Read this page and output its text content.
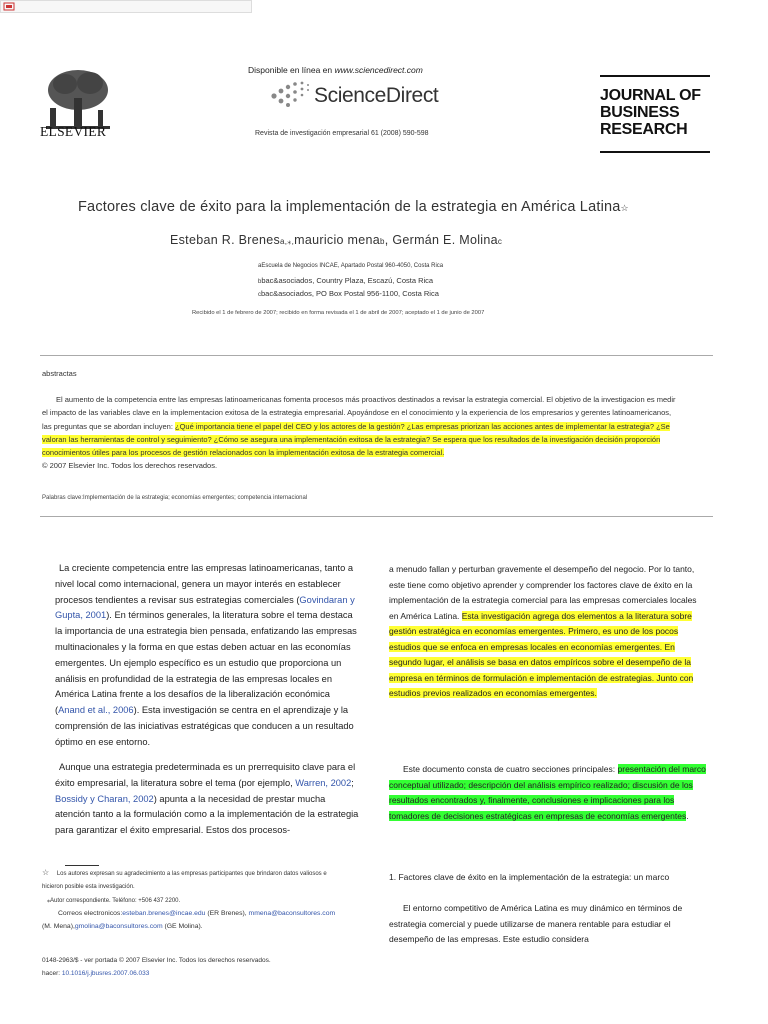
ELSEVIER
Disponible en línea en www.sciencedirect.com
ScienceDirect
Revista de investigación empresarial 61 (2008) 590-598
JOURNAL OF
BUSINESS
RESEARCH
Factores clave de éxito para la implementación de la estrategia en América Latina☆
Esteban R. Brenesa,⁎,mauricio menab, Germán E. Molinac
aEscuela de Negocios INCAE, Apartado Postal 960-4050, Costa Rica
bbac&asociados, Country Plaza, Escazú, Costa Rica
cbac&asociados, PO Box Postal 956-1100, Costa Rica
Recibido el 1 de febrero de 2007; recibido en forma revisada el 1 de abril de 2007; aceptado el 1 de junio de 2007
abstractas
El aumento de la competencia entre las empresas latinoamericanas fomenta procesos más proactivos destinados a revisar la estrategia comercial. El objetivo de la investigacion es medir el impacto de las variables clave en la implementacion exitosa de la estrategia empresarial. Apoyándose en el conocimiento y la experiencia de los empresarios y gerentes latinoamericanos, las preguntas que se abordan incluyen: ¿Qué importancia tiene el papel del CEO y los actores de la gestión? ¿Las empresas priorizan las acciones antes de implementar la estrategia? ¿Se valoran las herramientas de control y seguimiento? ¿Cómo se asegura una implementación exitosa de la estrategia? Se espera que los resultados de la investigación decisión proporción conocimientos útiles para los procesos de gestión relacionados con la implementación exitosa de la estrategia comercial.
© 2007 Elsevier Inc. Todos los derechos reservados.
Palabras clave:Implementación de la estrategia; economías emergentes; competencia internacional
La creciente competencia entre las empresas latinoamericanas, tanto a nivel local como internacional, genera un mayor interés en establecer procesos tendientes a revisar sus estrategias comerciales (Govindaran y Gupta, 2001). En términos generales, la literatura sobre el tema destaca la importancia de una estrategia bien pensada, enfatizando las empresas multinacionales y la forma en que estas deben actuar en las economías emergentes. Un ejemplo específico es un estudio que proporciona un análisis en profundidad de la estrategia de las empresas locales en América Latina frente a los desafíos de la liberalización económica (Anand et al., 2006). Esta investigación se centra en el aprendizaje y la comprensión de las iniciativas estratégicas que conducen a un resultado óptimo en ese entorno.
Aunque una estrategia predeterminada es un prerrequisito clave para el éxito empresarial, la literatura sobre el tema (por ejemplo, Warren, 2002; Bossidy y Charan, 2002) apunta a la necesidad de prestar mucha atención tanto a la formulación como a la implementación de la estrategia para garantizar el éxito empresarial. Estos dos procesos-
a menudo fallan y perturban gravemente el desempeño del negocio. Por lo tanto, este tiene como objetivo aprender y comprender los factores clave de éxito en la implementación de la estrategia comercial para las empresas comerciales locales en América Latina. Esta investigación agrega dos elementos a la literatura sobre gestión estratégica en economías emergentes. Primero, es uno de los pocos estudios que se enfoca en empresas locales en economías emergentes. En segundo lugar, el análisis se basa en datos empíricos sobre el desempeño de la empresa en términos de formulación e implementación de estrategias. Junto con estudios previos realizados en economías emergentes.
Este documento consta de cuatro secciones principales: presentación del marco conceptual utilizado; descripción del análisis empírico realizado; discusión de los resultados encontrados y, finalmente, conclusiones e implicaciones para los tomadores de decisiones estratégicas en empresas de economías emergentes.
1. Factores clave de éxito en la implementación de la estrategia: un marco
El entorno competitivo de América Latina es muy dinámico en términos de estrategia comercial y puede utilizarse de manera rentable para estudiar el desempeño de las empresas. Este estudio considera
☆ Los autores expresan su agradecimiento a las empresas participantes que brindaron datos valiosos e hicieron posible esta investigación.
⁎Autor correspondiente. Teléfono: +506 437 2200.
Correos electronicos:esteban.brenes@incae.edu (ER Brenes), mmena@baconsultores.com (M. Mena),gmolina@baconsultores.com (GE Molina).
0148-2963/$ - ver portada © 2007 Elsevier Inc. Todos los derechos reservados.
hacer: 10.1016/j.jbusres.2007.06.033
